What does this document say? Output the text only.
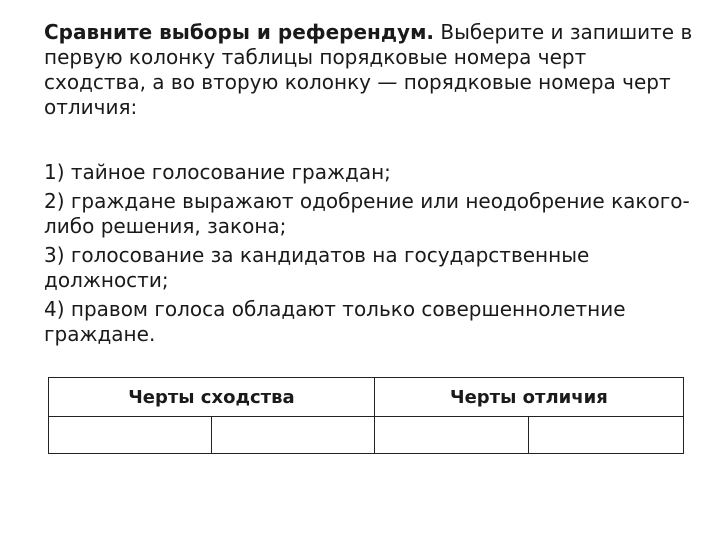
Сравните выборы и референдум. Выберите и запишите в первую колонку таблицы порядковые номера черт сходства, а во вторую колонку — порядковые номера черт отличия:

1) тайное голосование граждан;
2) граждане выражают одобрение или неодобрение какого-либо решения, закона;
3) голосование за кандидатов на государственные должности;
4) правом голоса обладают только совершеннолетние граждане.
Черты сходства		Черты отличия	
